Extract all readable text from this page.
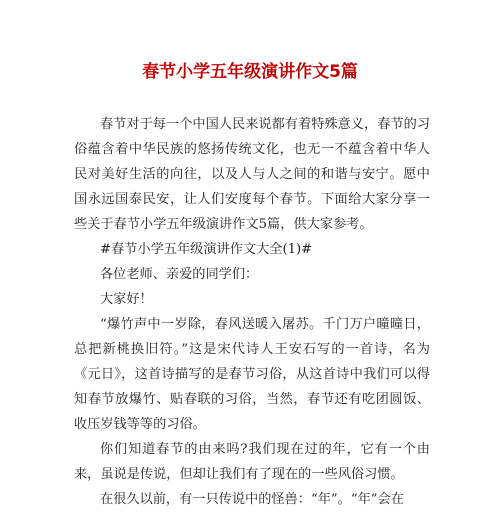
春节小学五年级演讲作文5篇

春节对于每一个中国人民来说都有着特殊意义，春节的习俗蕴含着中华民族的悠扬传统文化，也无一不蕴含着中华人民对美好生活的向往，以及人与人之间的和谐与安宁。愿中国永远国泰民安，让人们安度每个春节。下面给大家分享一些关于春节小学五年级演讲作文5篇，供大家参考。

#春节小学五年级演讲作文大全(1)#

各位老师、亲爱的同学们：

大家好！

“爆竹声中一岁除，春风送暖入屠苏。千门万户曈曈日，总把新桃换旧符。”这是宋代诗人王安石写的一首诗，名为《元日》，这首诗描写的是春节习俗，从这首诗中我们可以得知春节放爆竹、贴春联的习俗，当然，春节还有吃团圆饭、收压岁钱等等的习俗。

你们知道春节的由来吗?我们现在过的年，它有一个由来，虽说是传说，但却让我们有了现在的一些风俗习惯。

在很久以前，有一只传说中的怪兽：“年”。“年”会在
